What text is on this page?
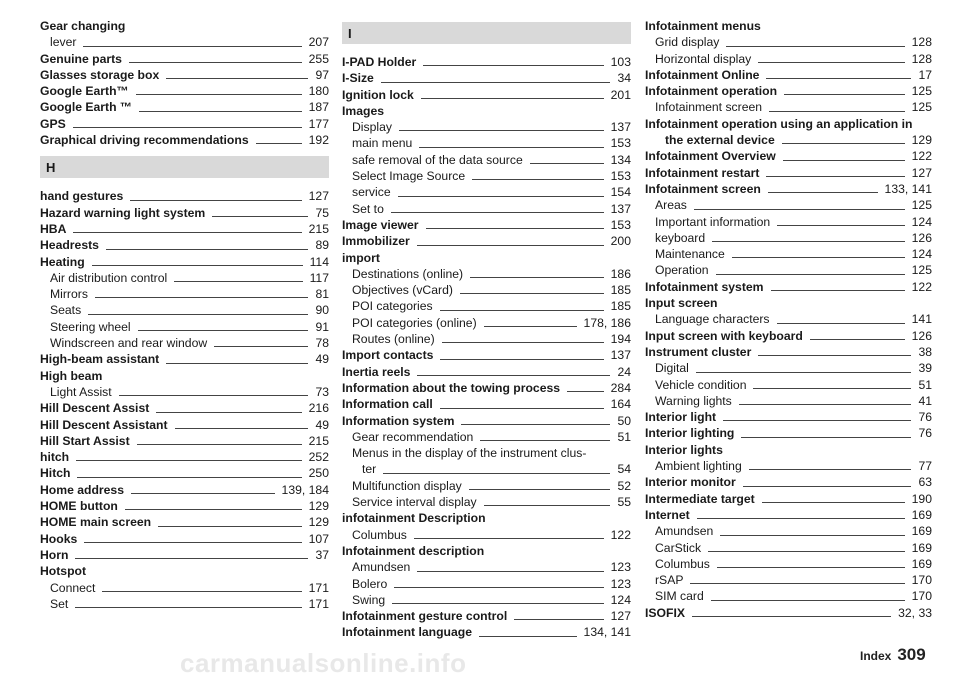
carmanualsonline.info
Gear changing
lever	207
Genuine parts	255
Glasses storage box	97
Google Earth™	180
Google Earth ™	187
GPS	177
Graphical driving recommendations	192
H
hand gestures	127
Hazard warning light system	75
HBA	215
Headrests	89
Heating	114
Air distribution control	117
Mirrors	81
Seats	90
Steering wheel	91
Windscreen and rear window	78
High-beam assistant	49
High beam
Light Assist	73
Hill Descent Assist	216
Hill Descent Assistant	49
Hill Start Assist	215
hitch	252
Hitch	250
Home address	139, 184
HOME button	129
HOME main screen	129
Hooks	107
Horn	37
Hotspot
Connect	171
Set	171
I
I-PAD Holder	103
I-Size	34
Ignition lock	201
Images
Display	137
main menu	153
safe removal of the data source	134
Select Image Source	153
service	154
Set to	137
Image viewer	153
Immobilizer	200
import
Destinations (online)	186
Objectives (vCard)	185
POI categories	185
POI categories (online)	178, 186
Routes (online)	194
Import contacts	137
Inertia reels	24
Information about the towing process	284
Information call	164
Information system	50
Gear recommendation	51
Menus in the display of the instrument clus-
ter	54
Multifunction display	52
Service interval display	55
infotainment Description
Columbus	122
Infotainment description
Amundsen	123
Bolero	123
Swing	124
Infotainment gesture control	127
Infotainment language	134, 141
Infotainment menus
Grid display	128
Horizontal display	128
Infotainment Online	17
Infotainment operation	125
Infotainment screen	125
Infotainment operation using an application in
the external device	129
Infotainment Overview	122
Infotainment restart	127
Infotainment screen	133, 141
Areas	125
Important information	124
keyboard	126
Maintenance	124
Operation	125
Infotainment system	122
Input screen
Language characters	141
Input screen with keyboard	126
Instrument cluster	38
Digital	39
Vehicle condition	51
Warning lights	41
Interior light	76
Interior lighting	76
Interior lights
Ambient lighting	77
Interior monitor	63
Intermediate target	190
Internet	169
Amundsen	169
CarStick	169
Columbus	169
rSAP	170
SIM card	170
ISOFIX	32, 33
Index 309
